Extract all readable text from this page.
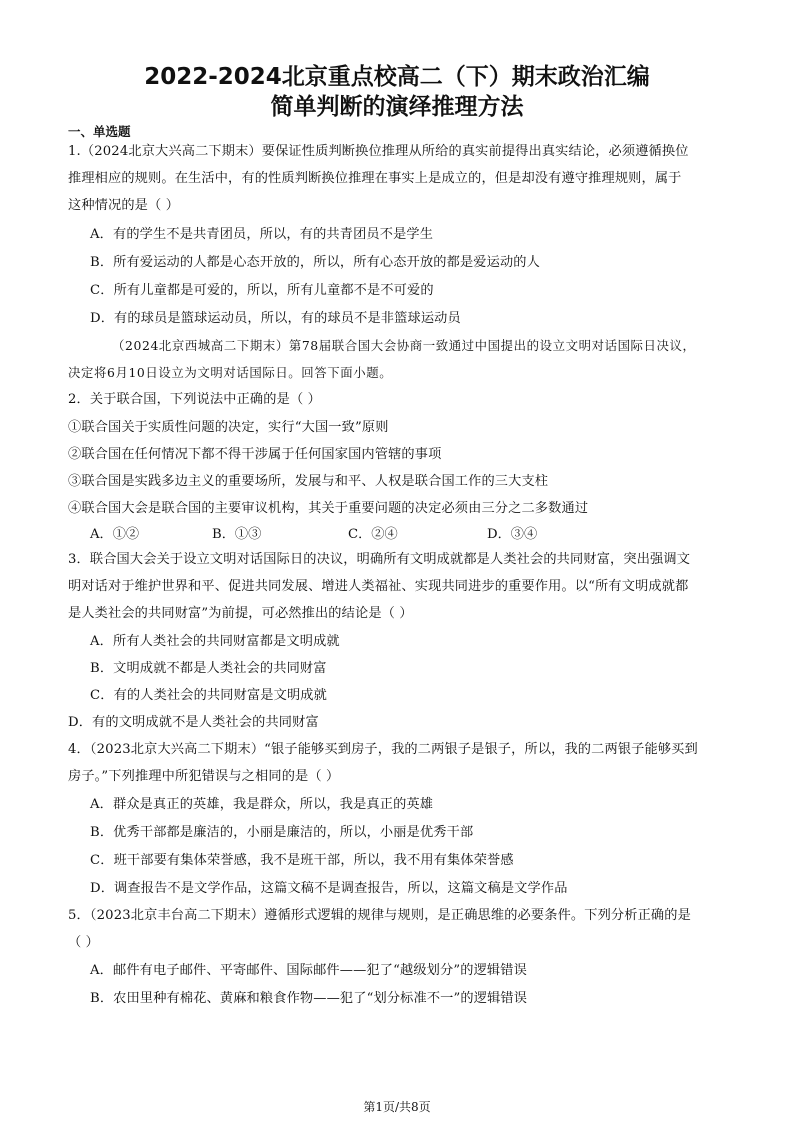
2022-2024北京重点校高二（下）期末政治汇编
简单判断的演绎推理方法
一、单选题
1.（2024北京大兴高二下期末）要保证性质判断换位推理从所给的真实前提得出真实结论，必须遵循换位
推理相应的规则。在生活中，有的性质判断换位推理在事实上是成立的，但是却没有遵守推理规则，属于
这种情况的是（ ）
A．有的学生不是共青团员，所以，有的共青团员不是学生
B．所有爱运动的人都是心态开放的，所以，所有心态开放的都是爱运动的人
C．所有儿童都是可爱的，所以，所有儿童都不是不可爱的
D．有的球员是篮球运动员，所以，有的球员不是非篮球运动员
（2024北京西城高二下期末）第78届联合国大会协商一致通过中国提出的设立文明对话国际日决议，
决定将6月10日设立为文明对话国际日。回答下面小题。
2．关于联合国，下列说法中正确的是（ ）
①联合国关于实质性问题的决定，实行“大国一致”原则
②联合国在任何情况下都不得干涉属于任何国家国内管辖的事项
③联合国是实践多边主义的重要场所，发展与和平、人权是联合国工作的三大支柱
④联合国大会是联合国的主要审议机构，其关于重要问题的决定必须由三分之二多数通过
A．①②	B．①③	C．②④	D．③④
3．联合国大会关于设立文明对话国际日的决议，明确所有文明成就都是人类社会的共同财富，突出强调文
明对话对于维护世界和平、促进共同发展、增进人类福祉、实现共同进步的重要作用。以“所有文明成就都
是人类社会的共同财富”为前提，可必然推出的结论是（ ）
A．所有人类社会的共同财富都是文明成就
B．文明成就不都是人类社会的共同财富
C．有的人类社会的共同财富是文明成就
D．有的文明成就不是人类社会的共同财富
4．（2023北京大兴高二下期末）“银子能够买到房子，我的二两银子是银子，所以，我的二两银子能够买到
房子。”下列推理中所犯错误与之相同的是（ ）
A．群众是真正的英雄，我是群众，所以，我是真正的英雄
B．优秀干部都是廉洁的，小丽是廉洁的，所以，小丽是优秀干部
C．班干部要有集体荣誉感，我不是班干部，所以，我不用有集体荣誉感
D．调查报告不是文学作品，这篇文稿不是调查报告，所以，这篇文稿是文学作品
5．（2023北京丰台高二下期末）遵循形式逻辑的规律与规则，是正确思维的必要条件。下列分析正确的是
（ ）
A．邮件有电子邮件、平寄邮件、国际邮件——犯了“越级划分”的逻辑错误
B．农田里种有棉花、黄麻和粮食作物——犯了“划分标准不一”的逻辑错误
第1页/共8页
